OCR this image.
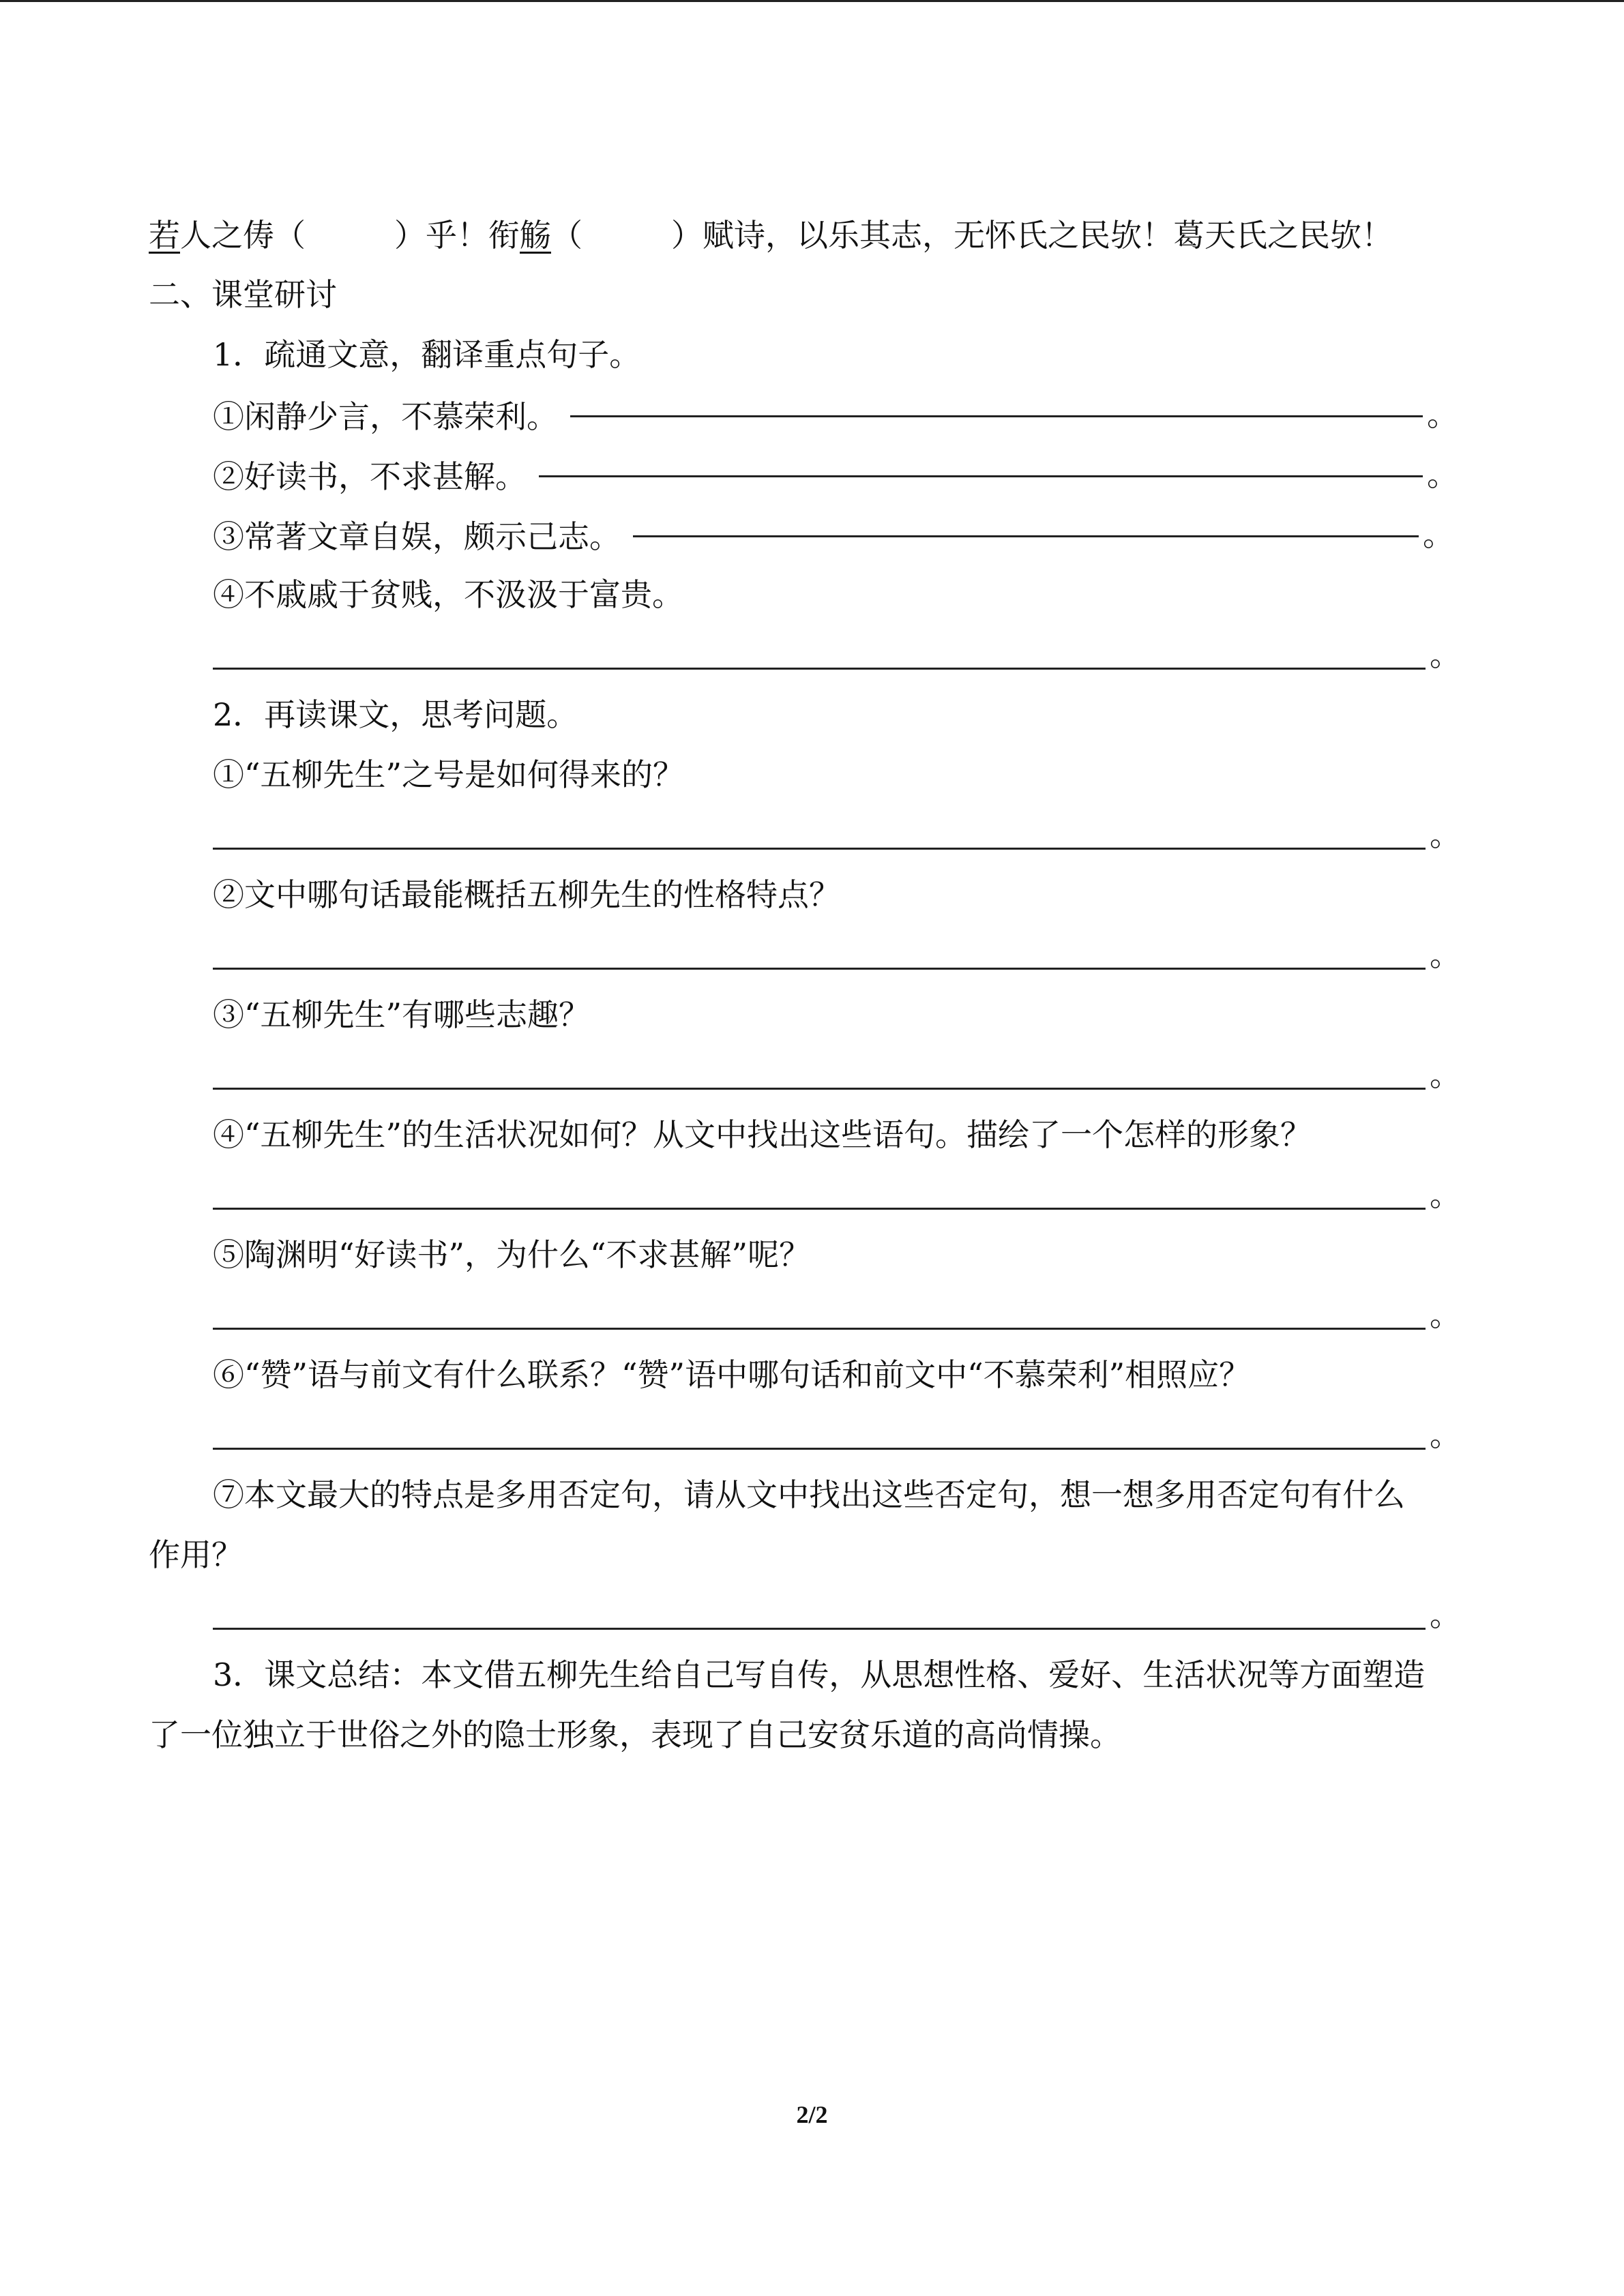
若人之俦（	）乎！衔觞（	）赋诗，以乐其志，无怀氏之民欤！葛天氏之民欤！
二、课堂研讨
1．疏通文意，翻译重点句子。
①闲静少言，不慕荣利。	。
②好读书，不求甚解。	。
③常著文章自娱，颇示己志。	。
④不戚戚于贫贱，不汲汲于富贵。
。
2．再读课文，思考问题。
①“五柳先生”之号是如何得来的？
。
②文中哪句话最能概括五柳先生的性格特点？
。
③“五柳先生”有哪些志趣？
。
④“五柳先生”的生活状况如何？从文中找出这些语句。描绘了一个怎样的形象？
。
⑤陶渊明“好读书”，为什么“不求甚解”呢？
。
⑥“赞”语与前文有什么联系？“赞”语中哪句话和前文中“不慕荣利”相照应？
。
⑦本文最大的特点是多用否定句，请从文中找出这些否定句，想一想多用否定句有什么
作用？
。
3．课文总结：本文借五柳先生给自己写自传，从思想性格、爱好、生活状况等方面塑造
了一位独立于世俗之外的隐士形象，表现了自己安贫乐道的高尚情操。
2/2
